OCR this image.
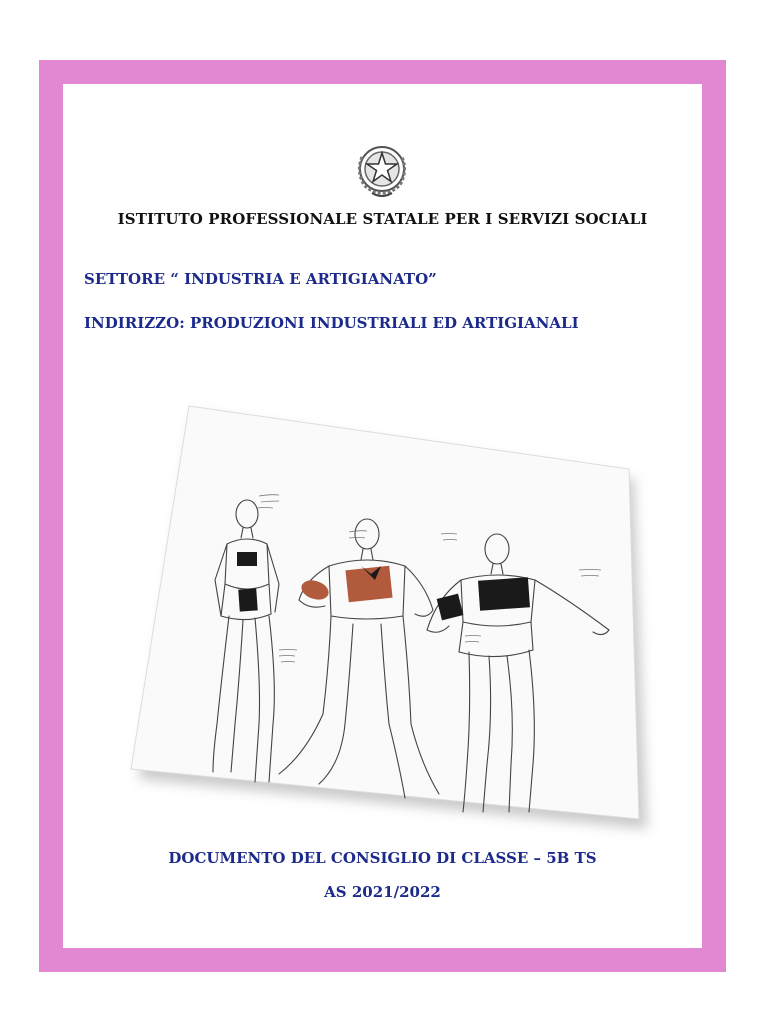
ISTITUTO PROFESSIONALE STATALE PER I SERVIZI SOCIALI
SETTORE “ INDUSTRIA E ARTIGIANATO”
INDIRIZZO: PRODUZIONI INDUSTRIALI ED ARTIGIANALI
DOCUMENTO DEL CONSIGLIO DI CLASSE – 5B TS
AS 2021/2022
